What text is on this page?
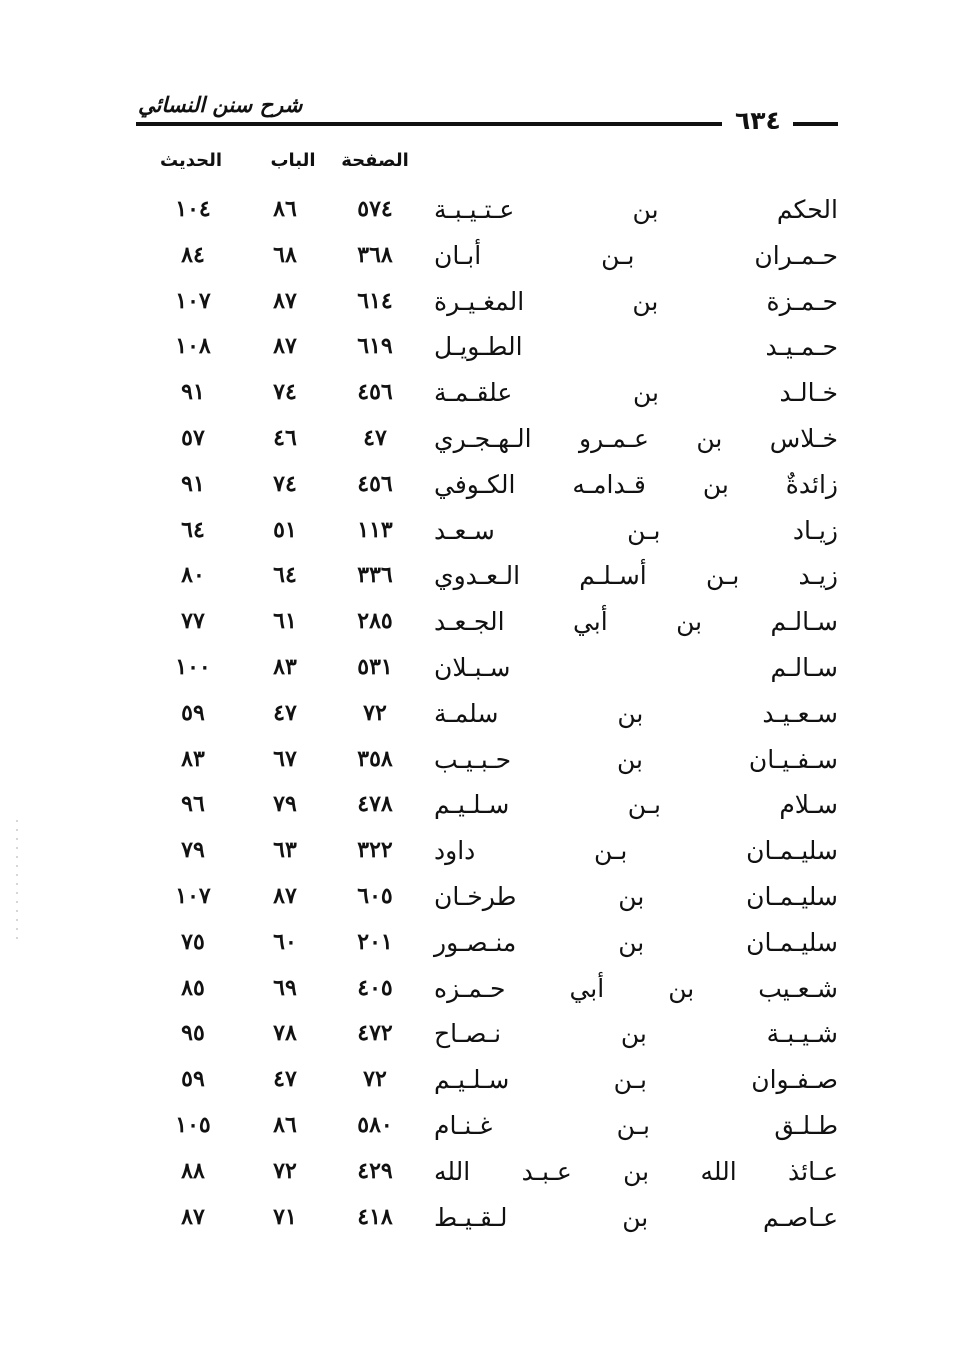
شرح سنن النسائي
٦٣٤
الحديث	الباب	الصفحة
١٠٤	٨٦	٥٧٤	الحكم بن عـتـيـبـة
٨٤	٦٨	٣٦٨	حـمـران بـن أبـان
١٠٧	٨٧	٦١٤	حـمـزة بن المغـيـرة
١٠٨	٨٧	٦١٩	حـمـيـد الطـويـل
٩١	٧٤	٤٥٦	خـالـد بن علقـمـة
٥٧	٤٦	٤٧	خـلاس بن عـمـرو الـهـجـري
٩١	٧٤	٤٥٦	زائدةٌ بن قـدامـه الكـوفي
٦٤	٥١	١١٣	زيـاد بـن سـعـد
٨٠	٦٤	٣٣٦	زيـد بـن أسـلـم الـعـدوي
٧٧	٦١	٢٨٥	سـالـم بن أبي الجـعـد
١٠٠	٨٣	٥٣١	سـالـم سـبـلان
٥٩	٤٧	٧٢	سـعـيـد بن سلمـة
٨٣	٦٧	٣٥٨	سـفـيـان بن حـبـيـب
٩٦	٧٩	٤٧٨	سـلام بـن سـلـيـم
٧٩	٦٣	٣٢٢	سليـمـان بـن داود
١٠٧	٨٧	٦٠٥	سليـمـان بن طرخـان
٧٥	٦٠	٢٠١	سليـمـان بن منـصـور
٨٥	٦٩	٤٠٥	شـعـيب بن أبي حـمـزه
٩٥	٧٨	٤٧٢	شـيـبـة بن نـصـاح
٥٩	٤٧	٧٢	صـفـوان بـن سـلـيـم
١٠٥	٨٦	٥٨٠	طـلـق بـن غـنـام
٨٨	٧٢	٤٢٩	عـائذ الله بن عـبـد الله
٨٧	٧١	٤١٨	عـاصـم بن لـقـيـط
